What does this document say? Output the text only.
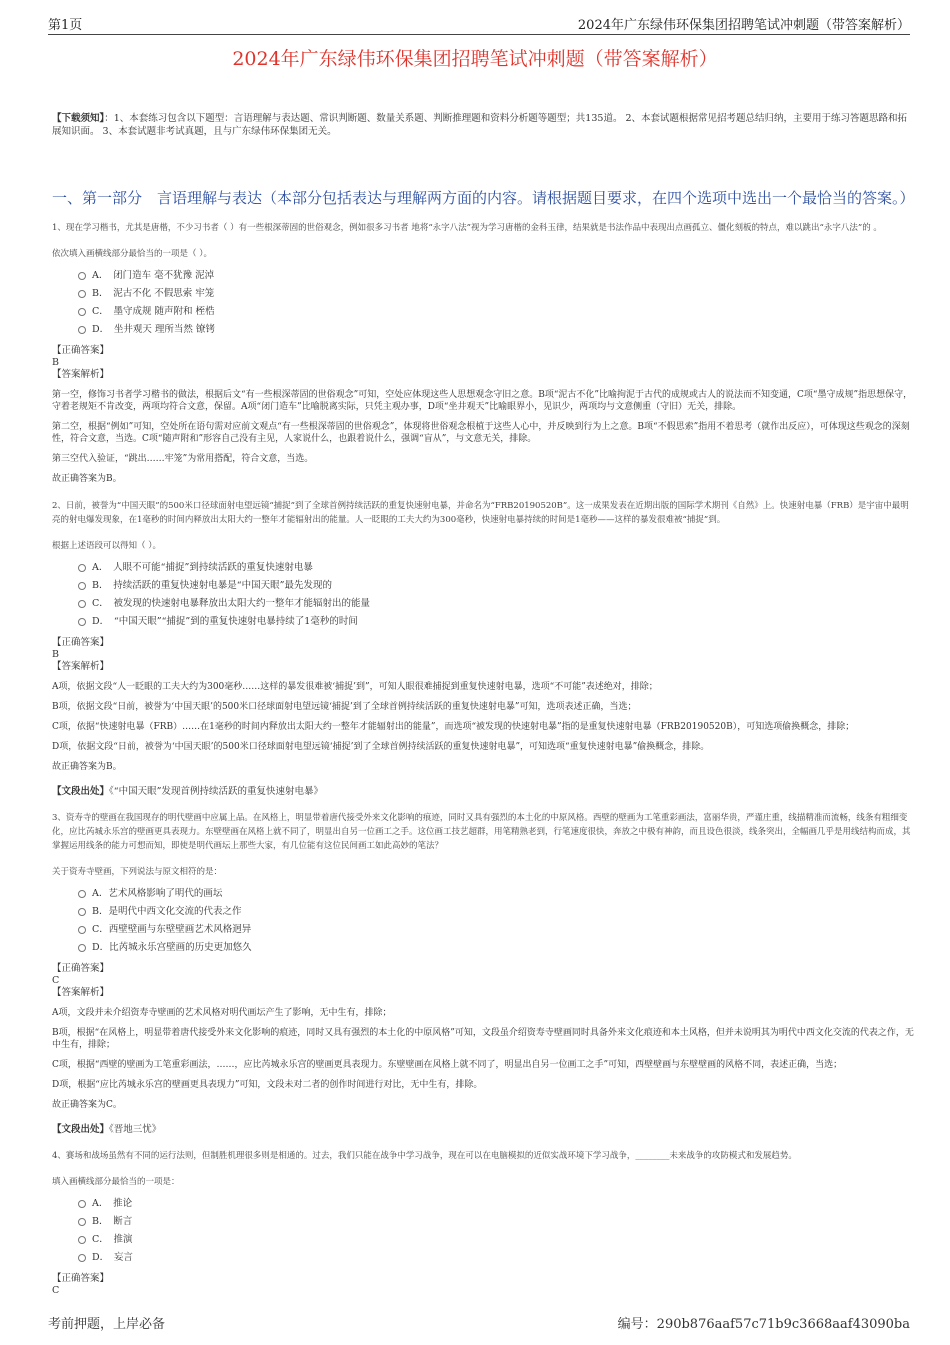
第1页	2024年广东绿伟环保集团招聘笔试冲刺题（带答案解析）
2024年广东绿伟环保集团招聘笔试冲刺题（带答案解析）

【下载须知】：1、本套练习包含以下题型：言语理解与表达题、常识判断题、数量关系题、判断推理题和资料分析题等题型；共135道。 2、本套试题根据常见招考题总结归纳，主要用于练习答题思路和拓展知识面。 3、本套试题非考试真题，且与广东绿伟环保集团无关。

一、第一部分　言语理解与表达（本部分包括表达与理解两方面的内容。请根据题目要求，在四个选项中选出一个最恰当的答案。）

1、现在学习楷书，尤其是唐楷，不少习书者（ ）有一些根深蒂固的世俗观念，例如很多习书者 地将“永字八法”视为学习唐楷的金科玉律，结果就是书法作品中表现出点画孤立、僵化刻板的特点，难以跳出“永字八法”的 。

依次填入画横线部分最恰当的一项是（ ）。

A．　闭门造车 毫不犹豫 泥淖
B．　泥古不化 不假思索 牢笼
C．　墨守成规 随声附和 桎梏
D．　坐井观天 理所当然 镣铐
【正确答案】
B
【答案解析】

第一空，修饰习书者学习楷书的做法，根据后文“有一些根深蒂固的世俗观念”可知，空处应体现这些人思想观念守旧之意。B项“泥古不化”比喻拘泥于古代的成规或古人的说法而不知变通，C项“墨守成规”指思想保守，守着老规矩不肯改变，两项均符合文意，保留。A项“闭门造车”比喻脱离实际，只凭主观办事，D项“坐井观天”比喻眼界小，见识少，两项均与文意侧重（守旧）无关，排除。

第二空，根据“例如”可知，空处所在语句需对应前文观点“有一些根深蒂固的世俗观念”，体现将世俗观念根植于这些人心中，并反映到行为上之意。B项“不假思索”指用不着思考（就作出反应），可体现这些观念的深刻性，符合文意，当选。C项“随声附和”形容自己没有主见，人家说什么，也跟着说什么，强调“盲从”，与文意无关，排除。

第三空代入验证，“跳出……牢笼”为常用搭配，符合文意，当选。

故正确答案为B。

2、日前，被誉为“中国天眼”的500米口径球面射电望远镜“捕捉”到了全球首例持续活跃的重复快速射电暴，并命名为“FRB20190520B”。这一成果发表在近期出版的国际学术期刊《自然》上。快速射电暴（FRB）是宇宙中最明亮的射电爆发现象，在1毫秒的时间内释放出太阳大约一整年才能辐射出的能量。人一眨眼的工夫大约为300毫秒，快速射电暴持续的时间是1毫秒——这样的暴发很难被“捕捉”到。

根据上述语段可以得知（ ）。

A．　人眼不可能“捕捉”到持续活跃的重复快速射电暴
B．　持续活跃的重复快速射电暴是“中国天眼”最先发现的
C．　被发现的快速射电暴释放出太阳大约一整年才能辐射出的能量
D．　“中国天眼”“捕捉”到的重复快速射电暴持续了1毫秒的时间
【正确答案】
B
【答案解析】

A项，依据文段“人一眨眼的工夫大约为300毫秒……这样的暴发很难被‘捕捉’到”，可知人眼很难捕捉到重复快速射电暴，选项“不可能”表述绝对，排除；

B项，依据文段“日前，被誉为‘中国天眼’的500米口径球面射电望远镜‘捕捉’到了全球首例持续活跃的重复快速射电暴”可知，选项表述正确，当选；

C项，依据“快速射电暴（FRB）……在1毫秒的时间内释放出太阳大约一整年才能辐射出的能量”，而选项“被发现的快速射电暴”指的是重复快速射电暴（FRB20190520B），可知选项偷换概念，排除；

D项，依据文段“日前，被誉为‘中国天眼’的500米口径球面射电望远镜‘捕捉’到了全球首例持续活跃的重复快速射电暴”，可知选项“重复快速射电暴”偷换概念，排除。

故正确答案为B。

【文段出处】《“中国天眼”发现首例持续活跃的重复快速射电暴》

3、资寿寺的壁画在我国现存的明代壁画中应属上品。在风格上，明显带着唐代接受外来文化影响的痕迹，同时又具有强烈的本土化的中原风格。西壁的壁画为工笔重彩画法，富丽华贵，严谨庄重，线描精准而流畅，线条有粗细变化，应比芮城永乐宫的壁画更具表现力。东壁壁画在风格上就不同了，明显出自另一位画工之手。这位画工技艺超群，用笔精熟老到，行笔速度很快，奔放之中极有神韵，而且设色很淡，线条突出，全幅画几乎是用线结构而成，其掌握运用线条的能力可想而知，即使是明代画坛上那些大家，有几位能有这位民间画工如此高妙的笔法？

关于资寿寺壁画，下列说法与原文相符的是：

A．艺术风格影响了明代的画坛
B．是明代中西文化交流的代表之作
C．西壁壁画与东壁壁画艺术风格迥异
D．比芮城永乐宫壁画的历史更加悠久
【正确答案】
C
【答案解析】

A项，文段并未介绍资寿寺壁画的艺术风格对明代画坛产生了影响，无中生有，排除；

B项，根据“在风格上，明显带着唐代接受外来文化影响的痕迹，同时又具有强烈的本土化的中原风格”可知，文段虽介绍资寿寺壁画同时具备外来文化痕迹和本土风格，但并未说明其为明代中西文化交流的代表之作，无中生有，排除；

C项，根据“西壁的壁画为工笔重彩画法，……，应比芮城永乐宫的壁画更具表现力。东壁壁画在风格上就不同了，明显出自另一位画工之手”可知，西壁壁画与东壁壁画的风格不同，表述正确，当选；

D项，根据“应比芮城永乐宫的壁画更具表现力”可知，文段未对二者的创作时间进行对比，无中生有，排除。

故正确答案为C。

【文段出处】《晋地三忧》

4、赛场和战场虽然有不同的运行法则，但制胜机理很多则是相通的。过去，我们只能在战争中学习战争，现在可以在电脑模拟的近似实战环境下学习战争，________未来战争的攻防模式和发展趋势。

填入画横线部分最恰当的一项是：

A．　推论
B．　断言
C．　推演
D．　妄言
【正确答案】
C
考前押题，上岸必备	编号：290b876aaf57c71b9c3668aaf43090ba
